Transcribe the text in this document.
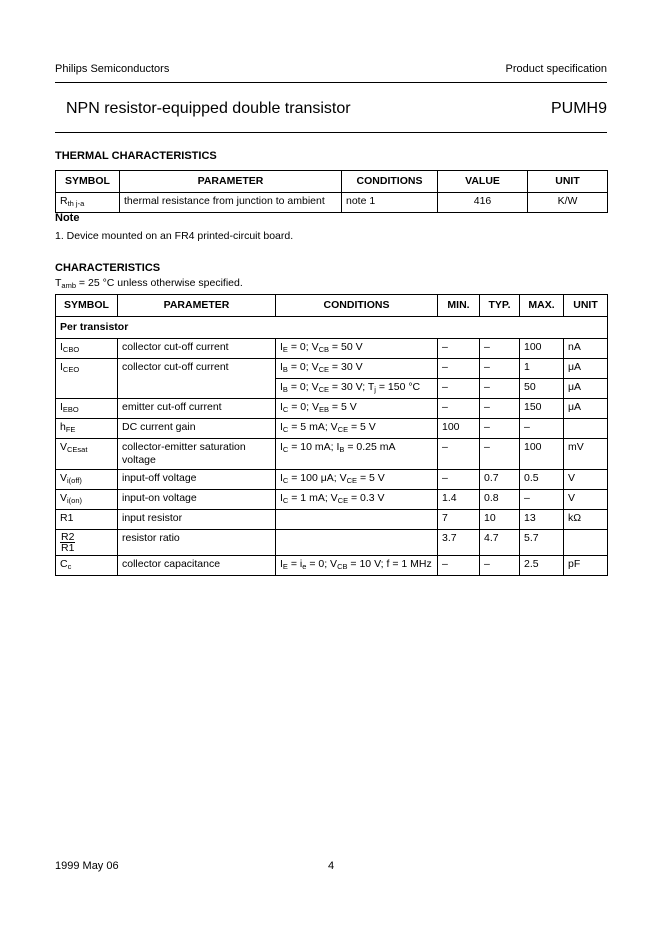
Philips Semiconductors	Product specification
NPN resistor-equipped double transistor	PUMH9
THERMAL CHARACTERISTICS
SYMBOL	PARAMETER	CONDITIONS	VALUE	UNIT
$R_{th j-a}$	thermal resistance from junction to ambient	note 1	416	K/W
Note
1. Device mounted on an FR4 printed-circuit board.
CHARACTERISTICS
$T_{amb} = 25$ °C unless otherwise specified.
SYMBOL	PARAMETER	CONDITIONS	MIN.	TYP.	MAX.	UNIT
Per transistor						
$I_{CBO}$	collector cut-off current	$I_E = 0$; $V_{CB} = 50$ V	–	–	100	nA
$I_{CEO}$	collector cut-off current	$I_B = 0$; $V_{CE} = 30$ V	–	–	1	μA
		$I_B = 0$; $V_{CE} = 30$ V; $T_j = 150$ °C	–	–	50	μA
$I_{EBO}$	emitter cut-off current	$I_C = 0$; $V_{EB} = 5$ V	–	–	150	μA
$h_{FE}$	DC current gain	$I_C = 5$ mA; $V_{CE} = 5$ V	100	–	–	
$V_{CEsat}$	collector-emitter saturation voltage	$I_C = 10$ mA; $I_B = 0.25$ mA	–	–	100	mV
$V_{i(off)}$	input-off voltage	$I_C = 100$ μA; $V_{CE} = 5$ V	–	0.7	0.5	V
$V_{i(on)}$	input-on voltage	$I_C = 1$ mA; $V_{CE} = 0.3$ V	1.4	0.8	–	V
R1	input resistor		7	10	13	kΩ

$\frac{R2}{R1}$	resistor ratio		3.7	4.7	5.7	
$C_c$	collector capacitance	$I_E = i_e = 0$; $V_{CB} = 10$ V; f = 1 MHz	–	–	2.5	pF
1999 May 06	4
